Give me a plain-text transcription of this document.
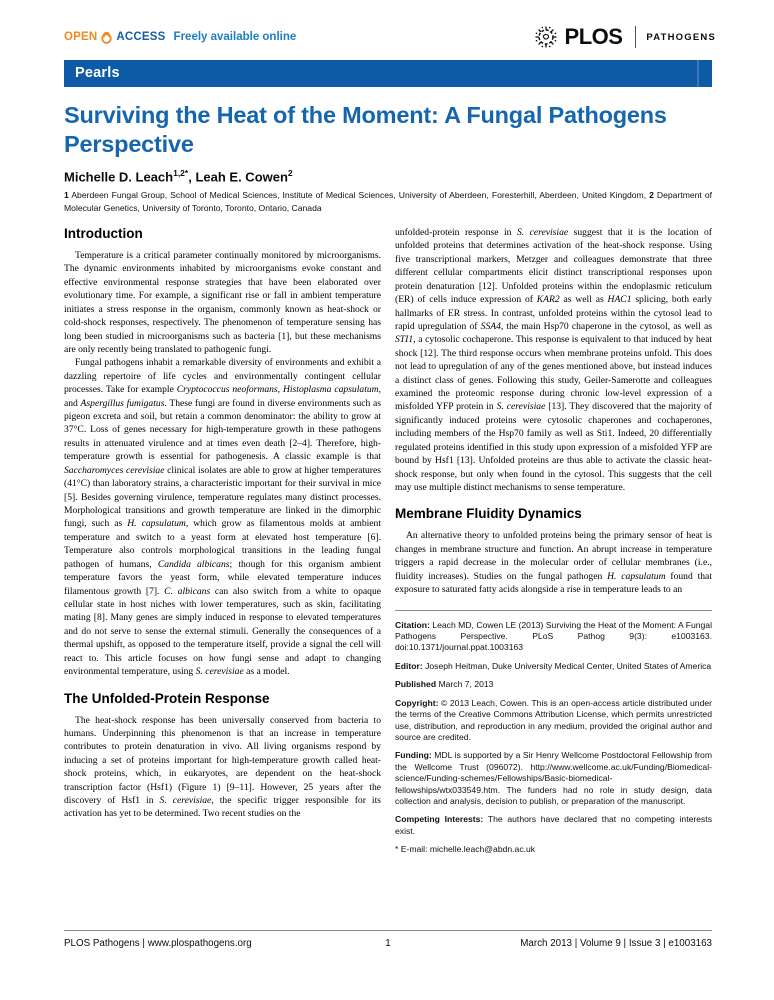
OPEN ACCESS Freely available online	PLOS	PATHOGENS
Pearls
Surviving the Heat of the Moment: A Fungal Pathogens Perspective
Michelle D. Leach$^{1,2*}$, Leah E. Cowen$^2$

1 Aberdeen Fungal Group, School of Medical Sciences, Institute of Medical Sciences, University of Aberdeen, Foresterhill, Aberdeen, United Kingdom, 2 Department of Molecular Genetics, University of Toronto, Toronto, Ontario, Canada

Introduction

Temperature is a critical parameter continually monitored by microorganisms. The dynamic environments inhabited by microorganisms evoke constant and effective environmental response strategies that have been elaborated over evolutionary time. For example, a significant rise or fall in ambient temperature initiates a stress response in the organism, commonly known as heat-shock or cold-shock responses, respectively. The phenomenon of temperature sensing has long been studied in microorganisms such as bacteria [1], but these mechanisms are only recently being translated to pathogenic fungi.

Fungal pathogens inhabit a remarkable diversity of environments and exhibit a dazzling repertoire of life cycles and environmentally contingent cellular processes. Take for example Cryptococcus neoformans, Histoplasma capsulatum, and Aspergillus fumigatus. These fungi are found in diverse environments such as pigeon excreta and soil, but retain a common denominator: the ability to grow at 37°C. Loss of genes necessary for high-temperature growth in these pathogens results in attenuated virulence and at times even death [2–4]. Therefore, high-temperature growth is essential for pathogenesis. A classic example is that Saccharomyces cerevisiae clinical isolates are able to grow at higher temperatures (41°C) than laboratory strains, a characteristic important for their survival in mice [5]. Besides governing virulence, temperature regulates many distinct processes. Morphological transitions and growth temperature are linked in the dimorphic fungi, such as H. capsulatum, which grow as filamentous molds at ambient temperature and switch to a yeast form at elevated host temperature [6]. Temperature also controls morphological transitions in the leading fungal pathogen of humans, Candida albicans; though for this organism ambient temperature favors the yeast form, while elevated temperature induces filamentous growth [7]. C. albicans can also switch from a white to opaque cellular state in host niches with lower temperatures, such as skin, facilitating mating [8]. Many genes are simply induced in response to elevated temperatures and do not serve to sense the external stimuli. Generally the consequences of a thermal upshift, as opposed to the temperature itself, provide a signal the cell will react to. This article focuses on how fungi sense and adapt to changing environmental temperature, using S. cerevisiae as a model.

The Unfolded-Protein Response

The heat-shock response has been universally conserved from bacteria to humans. Underpinning this phenomenon is that an increase in temperature contributes to protein denaturation in vivo. All living organisms respond by inducing a set of proteins important for high-temperature growth called heat-shock proteins, which, in eukaryotes, are dependent on the heat-shock transcription factor (Hsf1) (Figure 1) [9–11]. However, 25 years after the discovery of Hsf1 in S. cerevisiae, the specific trigger responsible for its activation has yet to be determined. Two recent studies on the

unfolded-protein response in S. cerevisiae suggest that it is the location of unfolded proteins that determines activation of the heat-shock response. Using five transcriptional markers, Metzger and colleagues demonstrate that three different cellular compartments elicit distinct transcriptional responses upon protein denaturation [12]. Unfolded proteins within the endoplasmic reticulum (ER) of cells induce expression of KAR2 as well as HAC1 splicing, both early hallmarks of ER stress. In contrast, unfolded proteins within the cytosol lead to rapid upregulation of SSA4, the main Hsp70 chaperone in the cytosol, as well as STI1, a cytosolic cochaperone. This response is equivalent to that induced by heat shock [12]. The third response occurs when membrane proteins unfold. This does not lead to upregulation of any of the genes mentioned above, but instead induces a distinct class of genes. Following this study, Geiler-Samerotte and colleagues examined the proteomic response during chronic low-level expression of a misfolded YFP protein in S. cerevisiae [13]. They discovered that the majority of significantly induced proteins were cytosolic chaperones and cochaperones, including members of the Hsp70 family as well as Sti1. Indeed, 20 differentially regulated proteins identified in this study upon expression of a misfolded YFP are bound by Hsf1 [13]. Unfolded proteins are thus able to activate the classic heat-shock response, but only when found in the cytosol. This suggests that the cell may use multiple distinct mechanisms to sense temperature.

Membrane Fluidity Dynamics

An alternative theory to unfolded proteins being the primary sensor of heat is changes in membrane structure and function. An abrupt increase in temperature triggers a rapid decrease in the molecular order of cellular membranes (i.e., fluidity increases). Studies on the fungal pathogen H. capsulatum found that exposure to saturated fatty acids alongside a rise in temperature leads to an

Citation: Leach MD, Cowen LE (2013) Surviving the Heat of the Moment: A Fungal Pathogens Perspective. PLoS Pathog 9(3): e1003163. doi:10.1371/journal.ppat.1003163

Editor: Joseph Heitman, Duke University Medical Center, United States of America

Published March 7, 2013

Copyright: © 2013 Leach, Cowen. This is an open-access article distributed under the terms of the Creative Commons Attribution License, which permits unrestricted use, distribution, and reproduction in any medium, provided the original author and source are credited.

Funding: MDL is supported by a Sir Henry Wellcome Postdoctoral Fellowship from the Wellcome Trust (096072). http://www.wellcome.ac.uk/Funding/Biomedical-science/Funding-schemes/Fellowships/Basic-biomedical-fellowships/wtx033549.htm. The funders had no role in study design, data collection and analysis, decision to publish, or preparation of the manuscript.

Competing Interests: The authors have declared that no competing interests exist.

* E-mail: michelle.leach@abdn.ac.uk

PLOS Pathogens | www.plospathogens.org	1	March 2013 | Volume 9 | Issue 3 | e1003163
